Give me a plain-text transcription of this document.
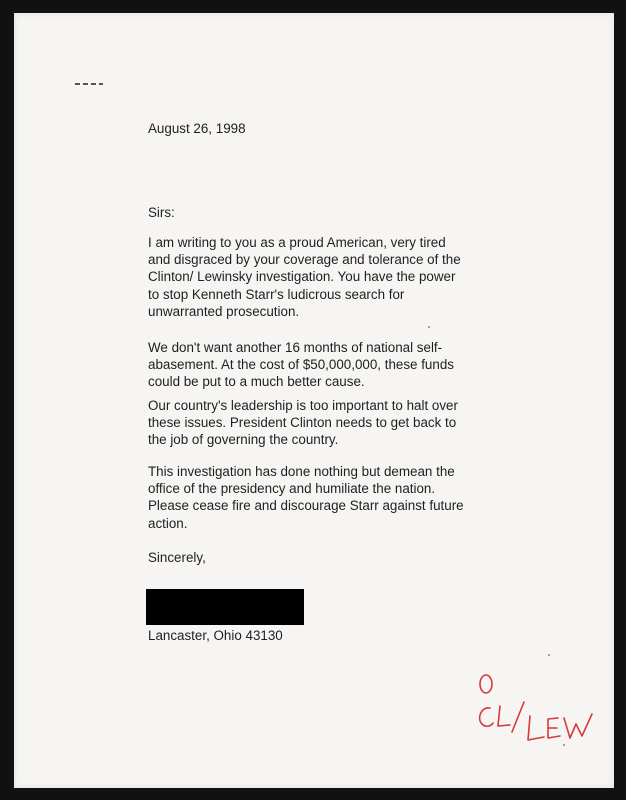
August 26, 1998
Sirs:

I am writing to you as a proud American, very tired and disgraced by your coverage and tolerance of the Clinton/ Lewinsky investigation. You have the power to stop Kenneth Starr's ludicrous search for unwarranted prosecution.

We don't want another 16 months of national self-abasement. At the cost of $50,000,000, these funds could be put to a much better cause.

Our country's leadership is too important to halt over these issues. President Clinton needs to get back to the job of governing the country.

This investigation has done nothing but demean the office of the presidency and humiliate the nation. Please cease fire and discourage Starr against future action.

Sincerely,
Lancaster, Ohio 43130
